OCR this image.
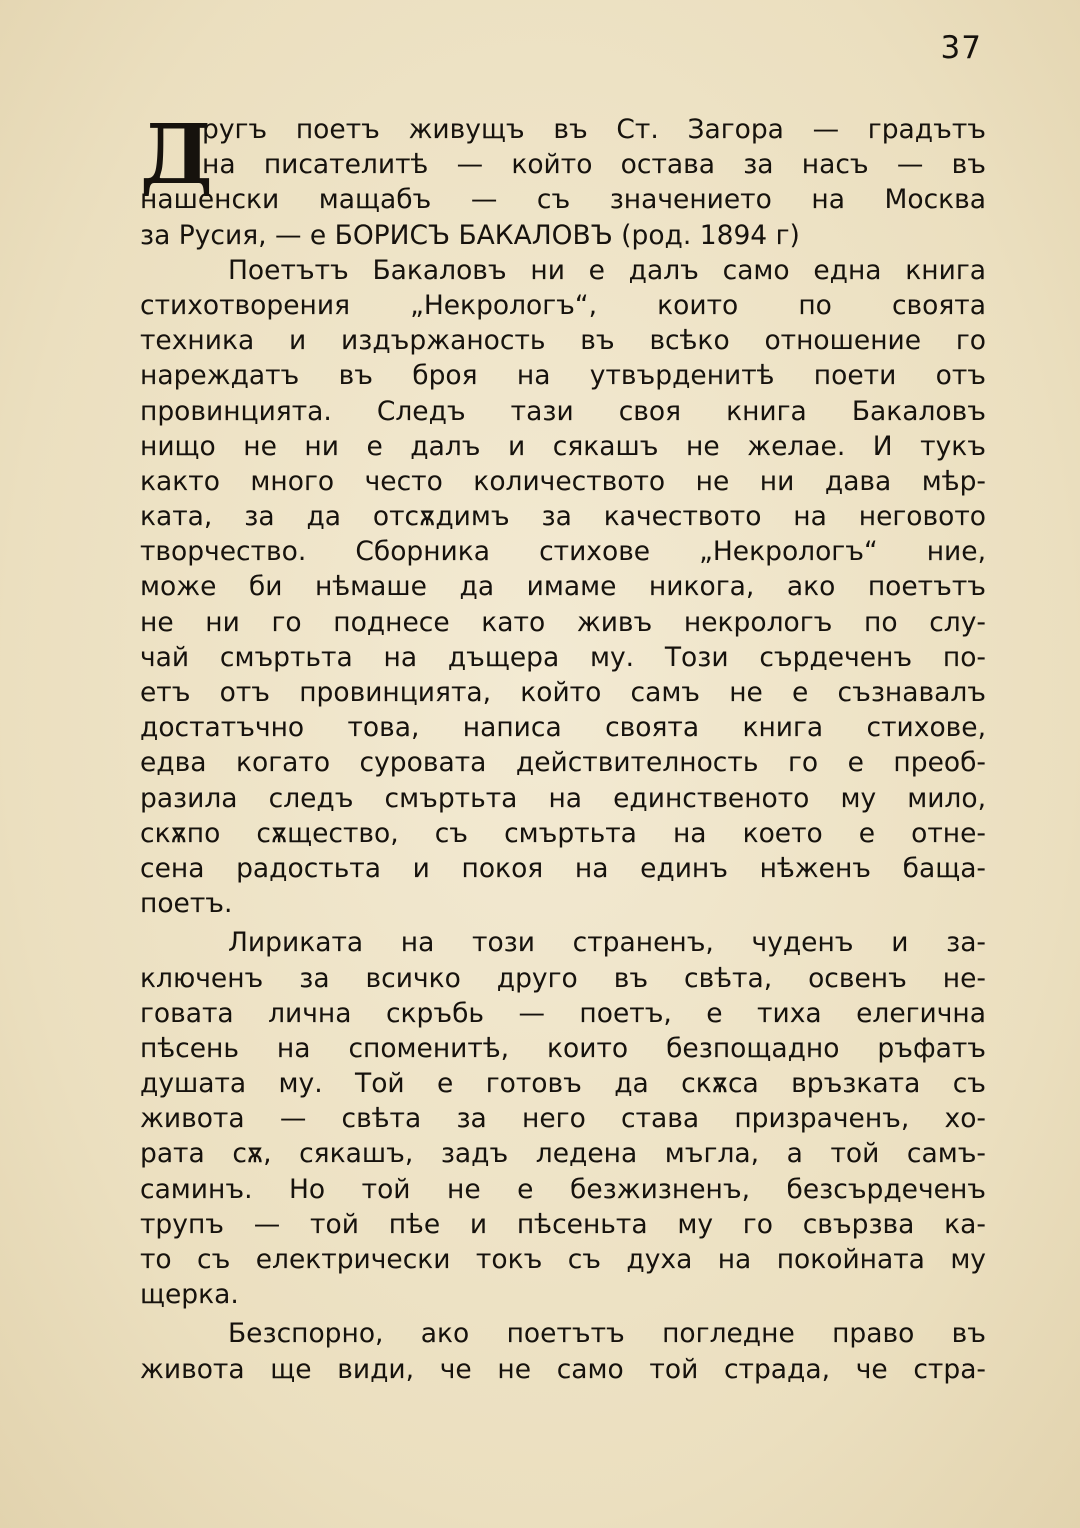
37
Д
ругъ поетъ живущъ въ Ст. Загора — градътъ
на писателитѣ — който остава за насъ — въ
нашенски мащабъ — съ значението на Москва
за Русия, — е БОРИСЪ БАКАЛОВЪ (род. 1894 г)
Поетътъ Бакаловъ ни е далъ само една книга
стихотворения „Некрологъ“, които по своята
техника и издържаность въ всѣко отношение го
нареждатъ въ броя на утвърденитѣ поети отъ
провинцията. Следъ тази своя книга Бакаловъ
нищо не ни е далъ и сякашъ не желае. И тукъ
както много често количеството не ни дава мѣр-
ката, за да отсѫдимъ за качеството на неговото
творчество. Сборника стихове „Некрологъ“ ние,
може би нѣмаше да имаме никога, ако поетътъ
не ни го поднесе като живъ некрологъ по слу-
чай смъртьта на дъщера му. Този сърдеченъ по-
етъ отъ провинцията, който самъ не е съзнавалъ
достатъчно това, написа своята книга стихове,
едва когато суровата действителность го е преоб-
разила следъ смъртьта на единственото му мило,
скѫпо сѫщество, съ смъртьта на което е отне-
сена радостьта и покоя на единъ нѣженъ баща-
поетъ.
Лириката на този страненъ, чуденъ и за-
ключенъ за всичко друго въ свѣта, освенъ не-
говата лична скръбь — поетъ, е тиха елегична
пѣсень на споменитѣ, които безпощадно ръфатъ
душата му. Той е готовъ да скѫса връзката съ
живота — свѣта за него става призраченъ, хо-
рата сѫ, сякашъ, задъ ледена мъгла, а той самъ-
саминъ. Но той не е безжизненъ, безсърдеченъ
трупъ — той пѣе и пѣсеньта му го свързва ка-
то съ електрически токъ съ духа на покойната му
щерка.
Безспорно, ако поетътъ погледне право въ
живота ще види, че не само той страда, че стра-
